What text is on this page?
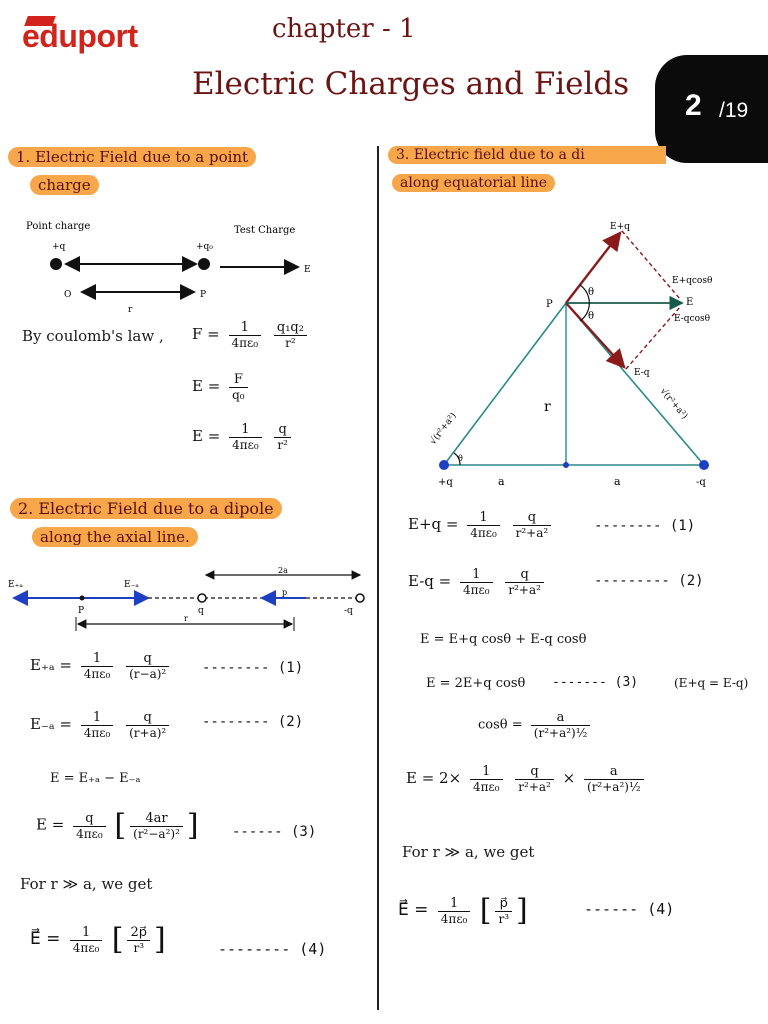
eduport	chapter - 1
Electric Charges and Fields
2 /19
1. Electric Field due to a point
charge
Point charge	Test Charge
+q	+q₀
E
O	P
r
By coulomb's law , $F = \frac{1}{\text{4πε₀}}$
$\frac{\text{q₁q₂}}{\text{r²}}$
$E = \frac{F}{\text{q₀}}$
$E = \frac{1}{\text{4πε₀}}$
$\frac{q}{\text{r²}}$
2. Electric Field due to a dipole
along the axial line.
E₊ₐ	E₋ₐ
2a
p
P	q	-q
r
$E_{+a} = \frac{1}{\text{4πε₀}}$
$\frac{q}{\text{(r−a)²}}$ -------- (1)
$E_{-a} = \frac{1}{\text{4πε₀}}$
$\frac{q}{\text{(r+a)²}}$ -------- (2)
E = E₊ₐ − E₋ₐ
$E = \frac{q}{\text{4πε₀}}$ [ $\frac{4ar}{\text{(r²−a²)²}}$ ] ------ (3)
For r ≫ a, we get
E⃗ = $\frac{1}{\text{4πε₀}}$ [ $\frac{2p⃗}{\text{r³}}$ ]	-------- (4)
3. Electric field due to a di
along equatorial line
E+q
E+qcosθ
E
E-qcosθ
E-q
P
θ
θ
θ
r
√(r²+a²)
√(r²+a²)
+q	a	a	-q
$E+q = \frac{1}{\text{4πε₀}}$
$\frac{q}{\text{r²+a²}}$	-------- (1)
$E-q = \frac{1}{\text{4πε₀}}$
$\frac{q}{\text{r²+a²}}$	--------- (2)
E = E+q cosθ + E-q cosθ
E = 2E+q cosθ ------- (3)	(E+q = E-q)
$\cos\theta = \frac{a}{\text{(r²+a²)½}}$
$E = 2\times \frac{1}{\text{4πε₀}}$
$\frac{q}{\text{r²+a²}} \times \frac{a}{\text{(r²+a²)½}}$
For r ≫ a, we get
E⃗ = $\frac{1}{\text{4πε₀}}$ [ $\frac{p⃗}{\text{r³}}$ ]	------ (4)
